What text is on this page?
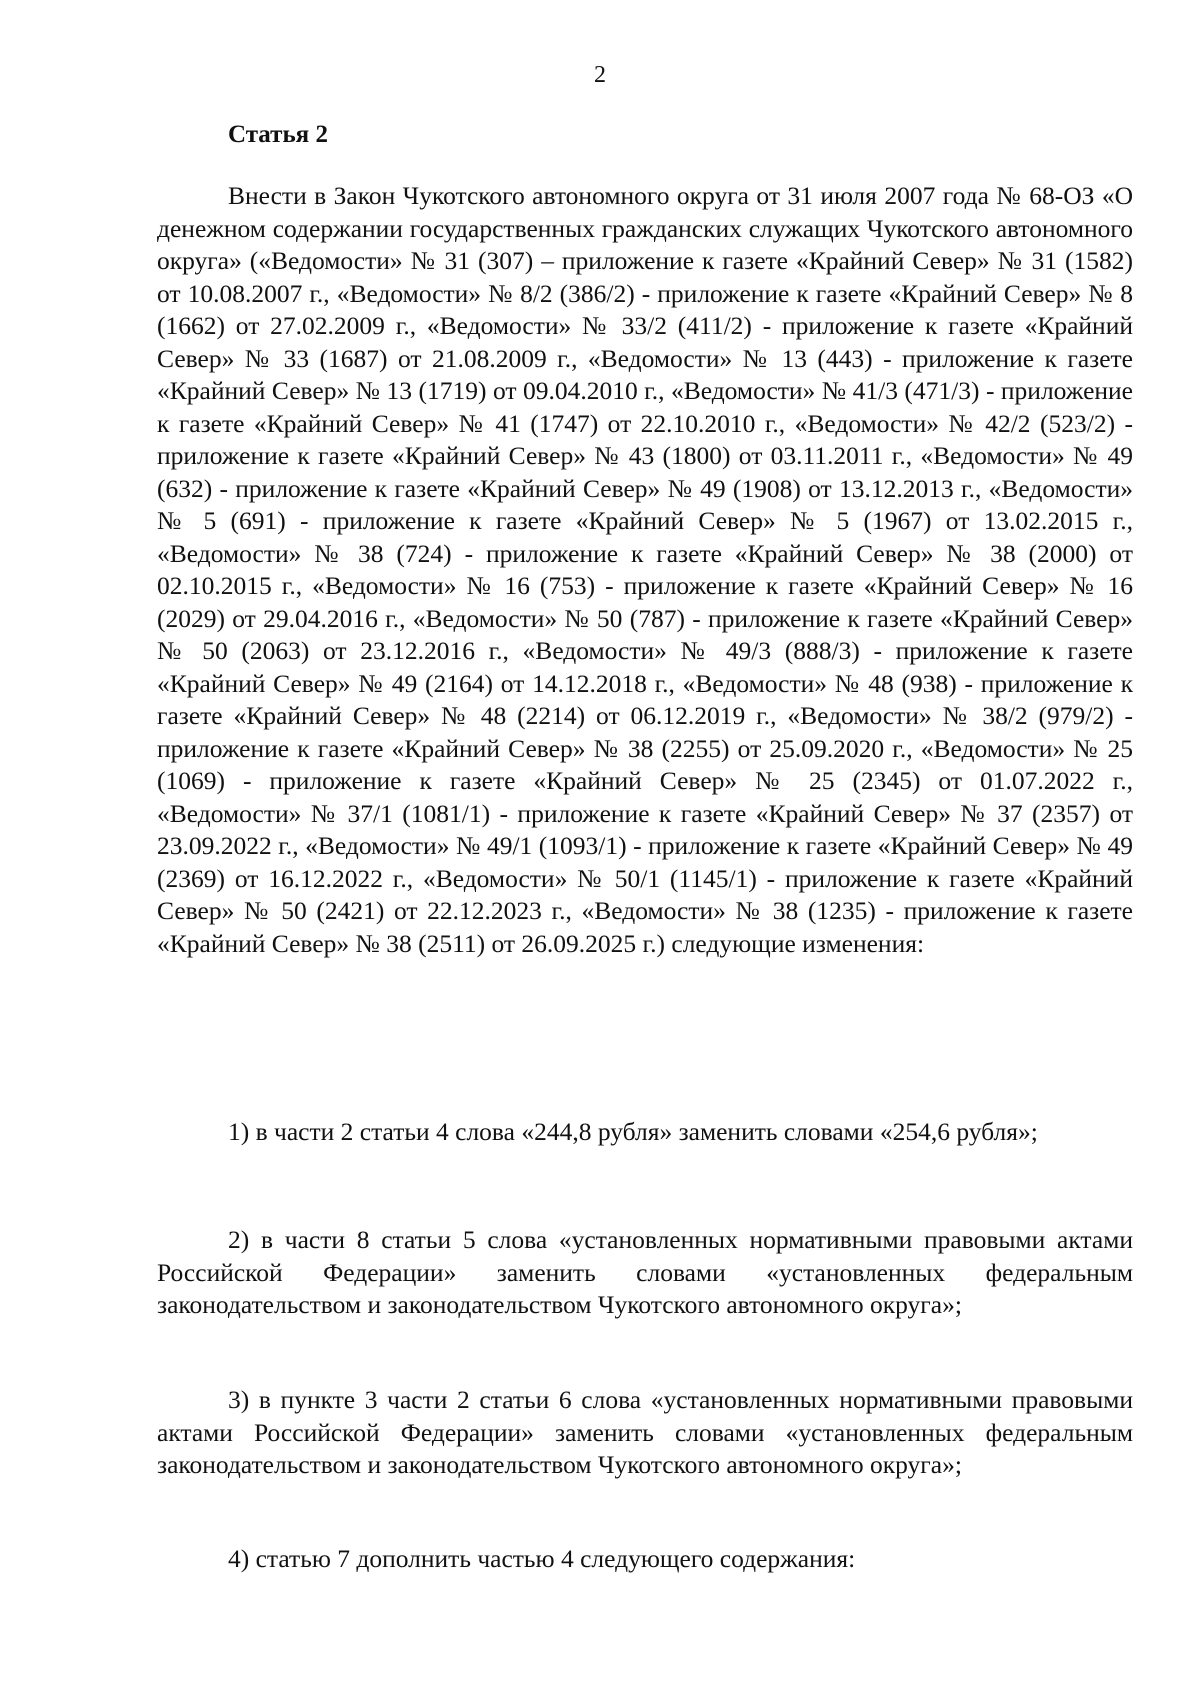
2
Статья 2

Внести в Закон Чукотского автономного округа от 31 июля 2007 года № 68-ОЗ «О денежном содержании государственных гражданских служащих Чукотского автономного округа» («Ведомости» № 31 (307) – приложение к газете «Крайний Север» № 31 (1582) от 10.08.2007 г., «Ведомости» № 8/2 (386/2) - приложение к газете «Крайний Север» № 8 (1662) от 27.02.2009 г., «Ведомости» № 33/2 (411/2) - приложение к газете «Крайний Север» № 33 (1687) от 21.08.2009 г., «Ведомости» № 13 (443) - приложение к газете «Крайний Север» № 13 (1719) от 09.04.2010 г., «Ведомости» № 41/3 (471/3) - приложение к газете «Крайний Север» № 41 (1747) от 22.10.2010 г., «Ведомости» № 42/2 (523/2) - приложение к газете «Крайний Север» № 43 (1800) от 03.11.2011 г., «Ведомости» № 49 (632) - приложение к газете «Крайний Север» № 49 (1908) от 13.12.2013 г., «Ведомости» № 5 (691) - приложение к газете «Крайний Север» № 5 (1967) от 13.02.2015 г., «Ведомости» № 38 (724) - приложение к газете «Крайний Север» № 38 (2000) от 02.10.2015 г., «Ведомости» № 16 (753) - приложение к газете «Крайний Север» № 16 (2029) от 29.04.2016 г., «Ведомости» № 50 (787) - приложение к газете «Крайний Север» № 50 (2063) от 23.12.2016 г., «Ведомости» № 49/3 (888/3) - приложение к газете «Крайний Север» № 49 (2164) от 14.12.2018 г., «Ведомости» № 48 (938) - приложение к газете «Крайний Север» № 48 (2214) от 06.12.2019 г., «Ведомости» № 38/2 (979/2) - приложение к газете «Крайний Север» № 38 (2255) от 25.09.2020 г., «Ведомости» № 25 (1069) - приложение к газете «Крайний Север» № 25 (2345) от 01.07.2022 г., «Ведомости» № 37/1 (1081/1) - приложение к газете «Крайний Север» № 37 (2357) от 23.09.2022 г., «Ведомости» № 49/1 (1093/1) - приложение к газете «Крайний Север» № 49 (2369) от 16.12.2022 г., «Ведомости» № 50/1 (1145/1) - приложение к газете «Крайний Север» № 50 (2421) от 22.12.2023 г., «Ведомости» № 38 (1235) - приложение к газете «Крайний Север» № 38 (2511) от 26.09.2025 г.) следующие изменения:

1) в части 2 статьи 4 слова «244,8 рубля» заменить словами «254,6 рубля»;

2) в части 8 статьи 5 слова «установленных нормативными правовыми актами Российской Федерации» заменить словами «установленных федеральным законодательством и законодательством Чукотского автономного округа»;

3) в пункте 3 части 2 статьи 6 слова «установленных нормативными правовыми актами Российской Федерации» заменить словами «установленных федеральным законодательством и законодательством Чукотского автономного округа»;

4) статью 7 дополнить частью 4 следующего содержания:
